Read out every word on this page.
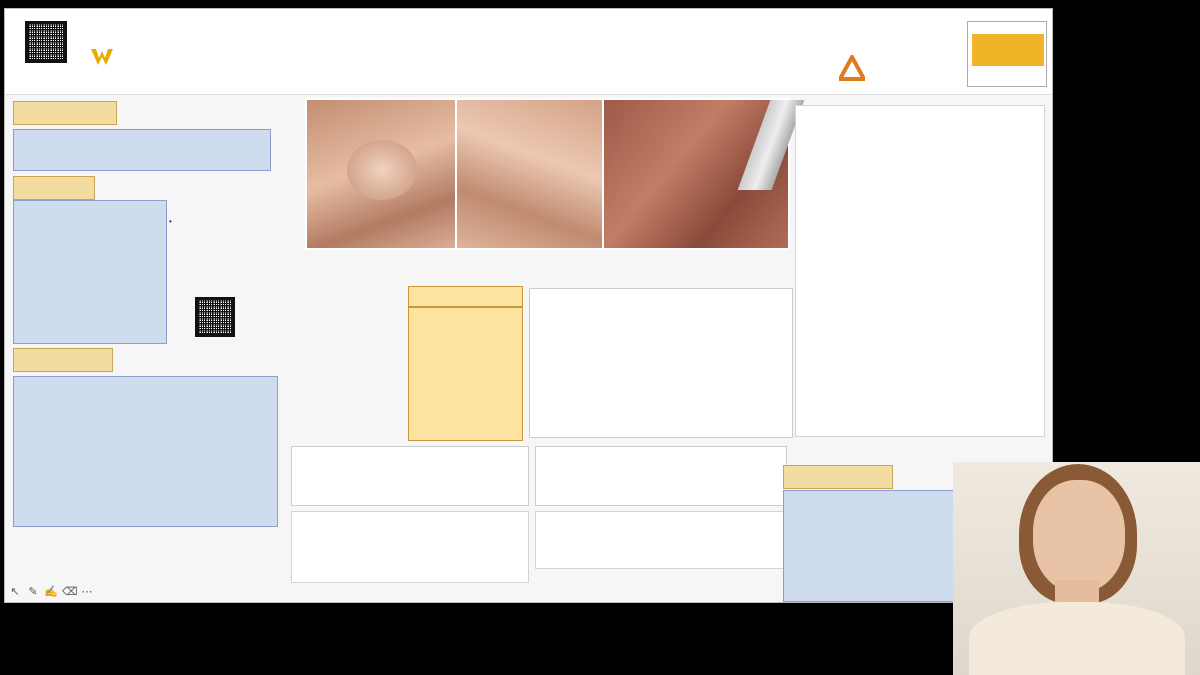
•
↖ ✎ ✍ ⌫ ⋯
